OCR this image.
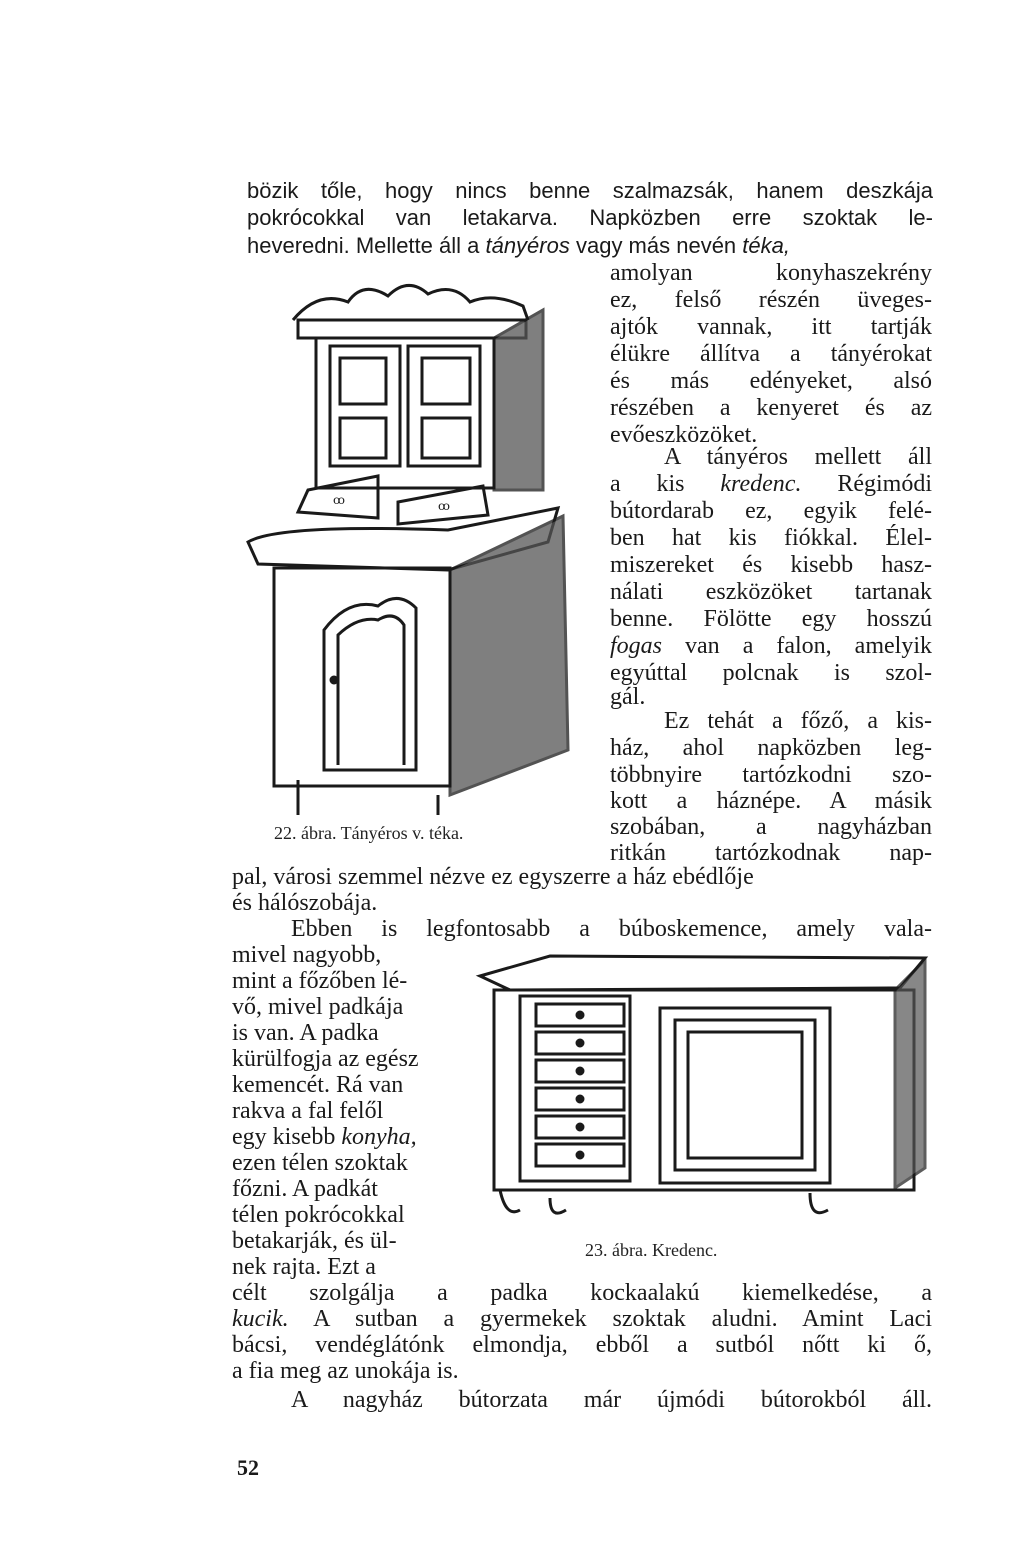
bözik tőle, hogy nincs benne szalmazsák, hanem deszkája
pokrócokkal van letakarva. Napközben erre szoktak le-
heveredni. Mellette áll a tányéros vagy más nevén téka,
amolyan konyhaszekrény
ez, felső részén üveges-
ajtók vannak, itt tartják
élükre állítva a tányérokat
és más edényeket, alsó
részében a kenyeret és az
evőeszközöket.
A tányéros mellett áll
a kis kredenc. Régimódi
bútordarab ez, egyik felé-
ben hat kis fiókkal. Élel-
miszereket és kisebb hasz-
nálati eszközöket tartanak
benne. Fölötte egy hosszú
fogas van a falon, amelyik
egyúttal polcnak is szol-
gál.
Ez tehát a főző, a kis-
ház, ahol napközben leg-
többnyire tartózkodni szo-
kott a háznépe. A másik
szobában, a nagyházban
ritkán tartózkodnak nap-
ꝏ	ꝏ
22. ábra. Tányéros v. téka.
pal, városi szemmel nézve ez egyszerre a ház ebédlője
és hálószobája.
Ebben is legfontosabb a búboskemence, amely vala-
mivel nagyobb,
mint a főzőben lé-
vő, mivel padkája
is van. A padka
kürülfogja az egész
kemencét. Rá van
rakva a fal felől
egy kisebb konyha,
ezen télen szoktak
főzni. A padkát
télen pokrócokkal
betakarják, és ül-
nek rajta. Ezt a
23. ábra. Kredenc.
célt szolgálja a padka kockaalakú kiemelkedése, a
kucik. A sutban a gyermekek szoktak aludni. Amint Laci
bácsi, vendéglátónk elmondja, ebből a sutból nőtt ki ő,
a fia meg az unokája is.
A nagyház bútorzata már újmódi bútorokból áll.
52
